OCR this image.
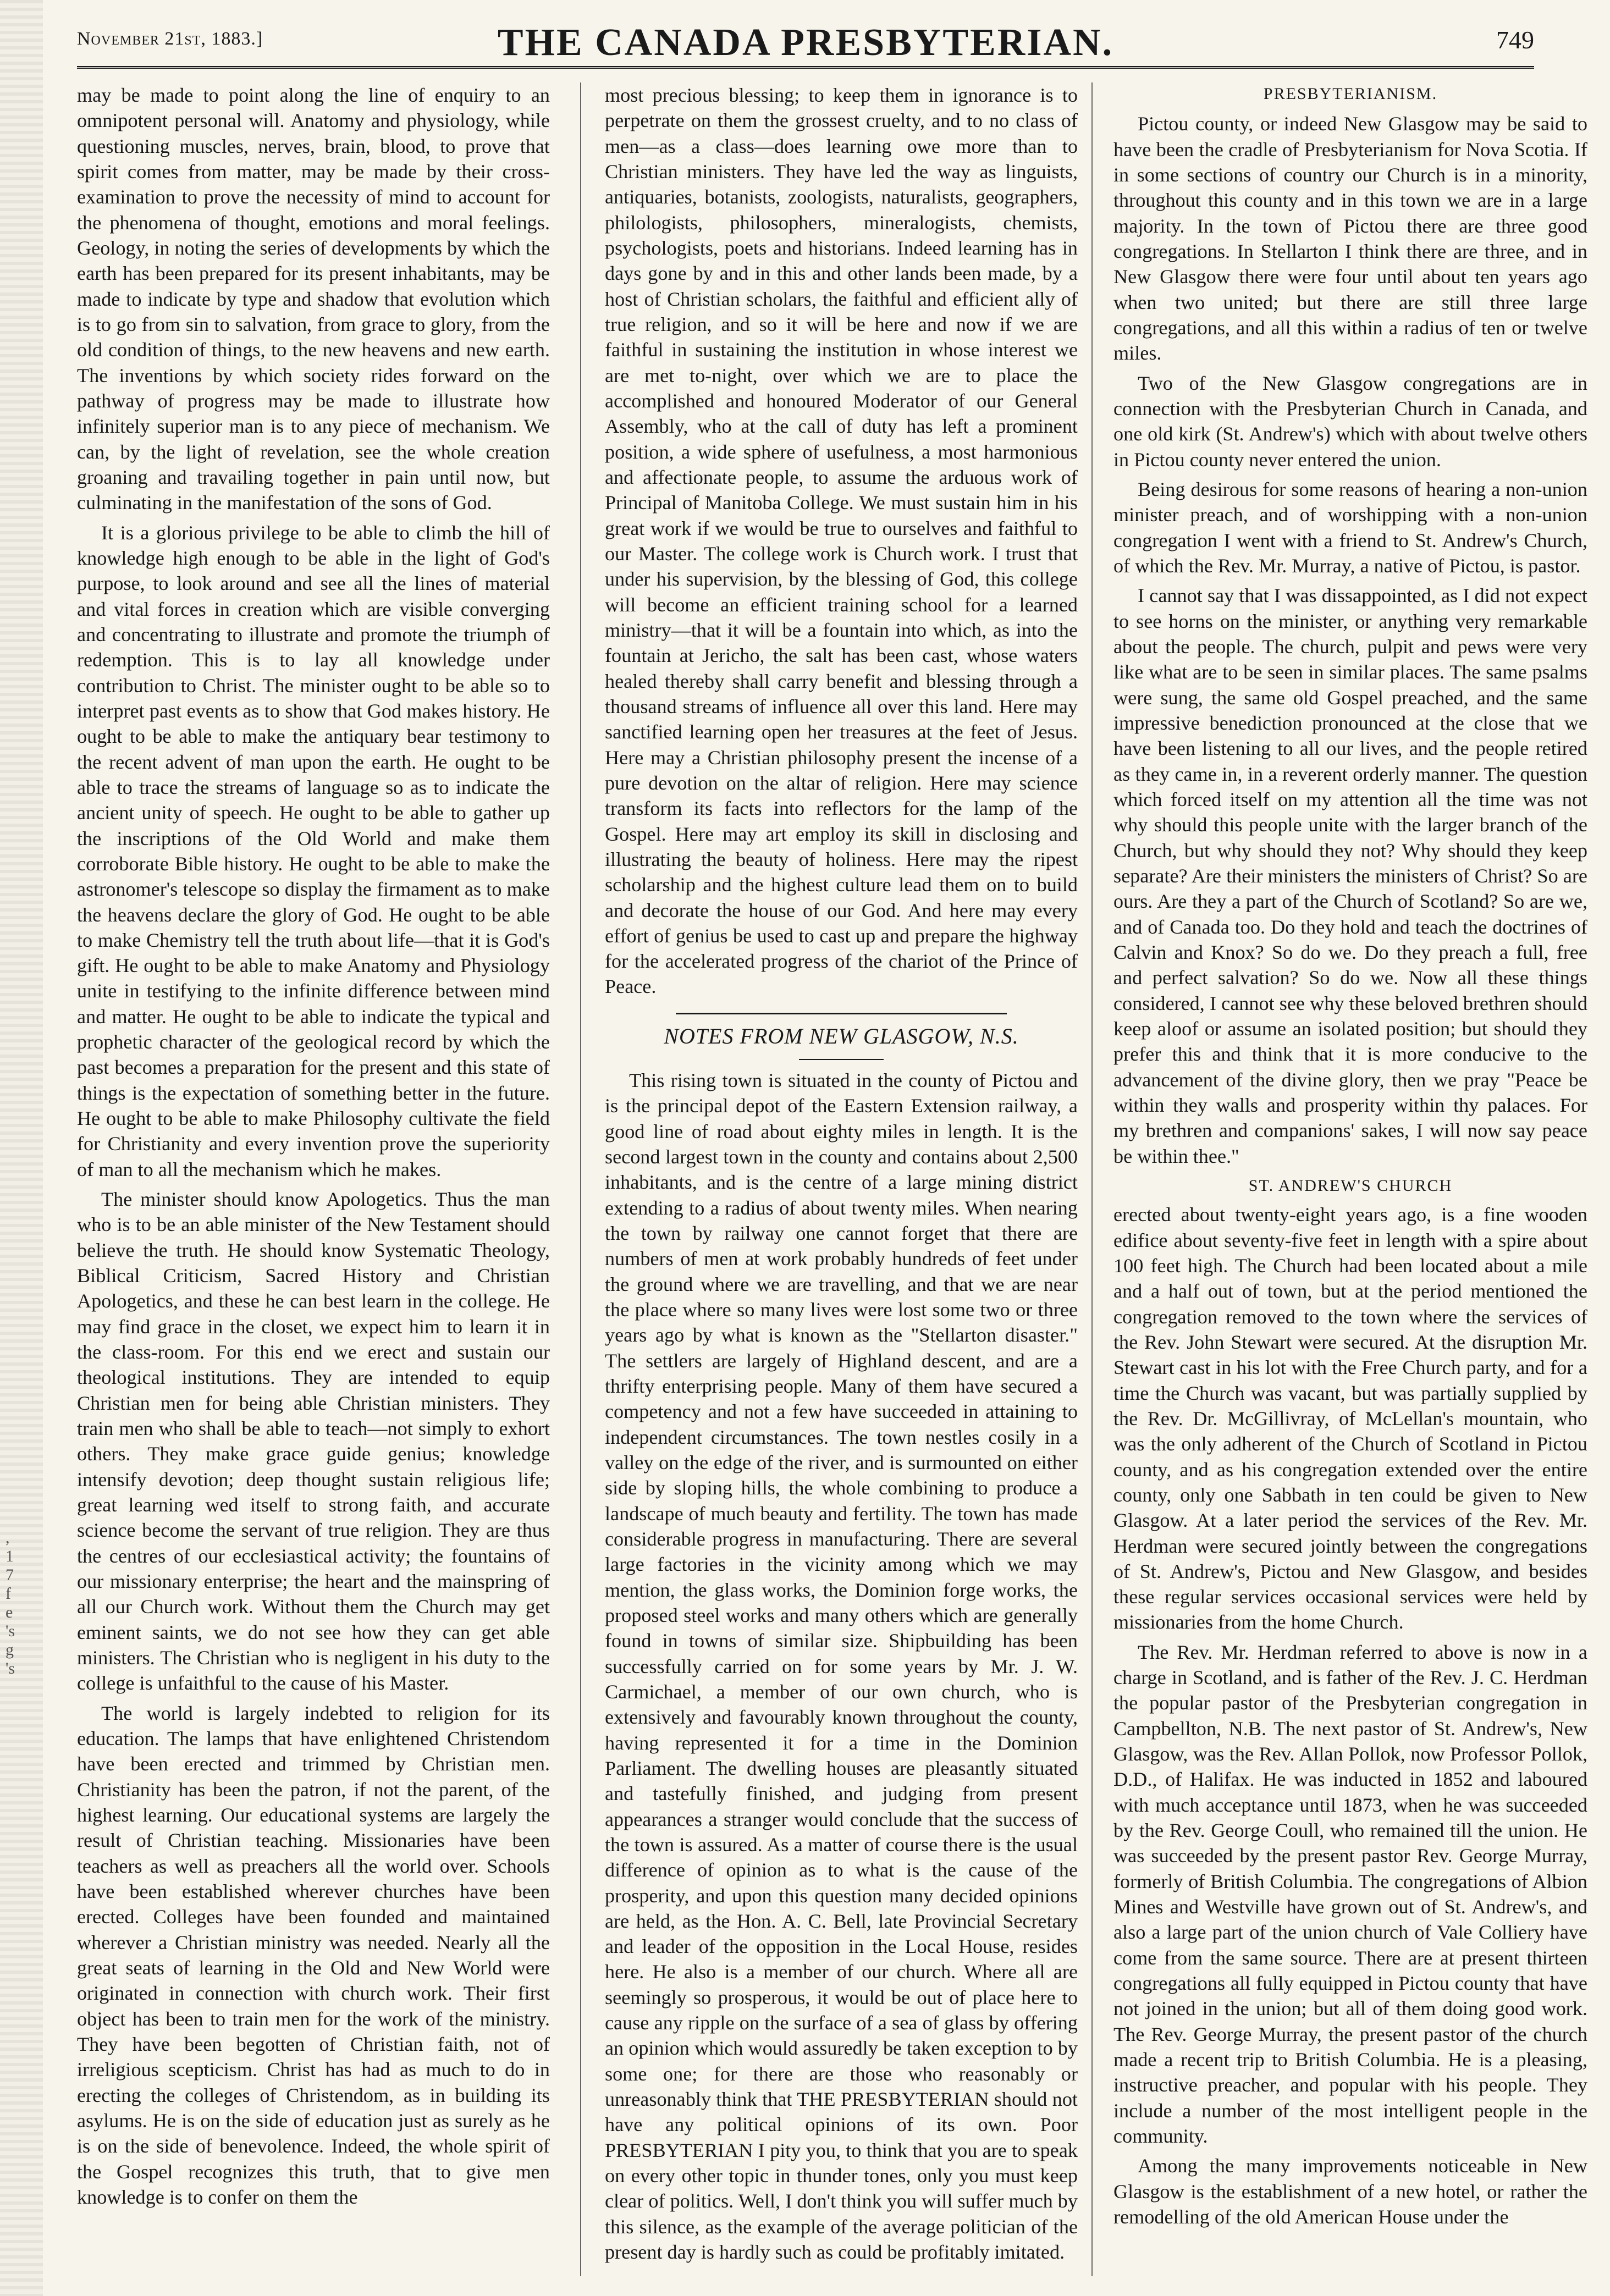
,
1
7
f
e
's
g
's
November 21st, 1883.]	THE CANADA PRESBYTERIAN.	749

may be made to point along the line of enquiry to an omnipotent personal will. Anatomy and physiology, while questioning muscles, nerves, brain, blood, to prove that spirit comes from matter, may be made by their cross-examination to prove the necessity of mind to account for the phenomena of thought, emotions and moral feelings. Geology, in noting the series of developments by which the earth has been prepared for its present inhabitants, may be made to indicate by type and shadow that evolution which is to go from sin to salvation, from grace to glory, from the old condition of things, to the new heavens and new earth. The inventions by which society rides forward on the pathway of progress may be made to illustrate how infinitely superior man is to any piece of mechanism. We can, by the light of revelation, see the whole creation groaning and travailing together in pain until now, but culminating in the manifestation of the sons of God.

It is a glorious privilege to be able to climb the hill of knowledge high enough to be able in the light of God's purpose, to look around and see all the lines of material and vital forces in creation which are visible converging and concentrating to illustrate and promote the triumph of redemption. This is to lay all knowledge under contribution to Christ. The minister ought to be able so to interpret past events as to show that God makes history. He ought to be able to make the antiquary bear testimony to the recent advent of man upon the earth. He ought to be able to trace the streams of language so as to indicate the ancient unity of speech. He ought to be able to gather up the inscriptions of the Old World and make them corroborate Bible history. He ought to be able to make the astronomer's telescope so display the firmament as to make the heavens declare the glory of God. He ought to be able to make Chemistry tell the truth about life—that it is God's gift. He ought to be able to make Anatomy and Physiology unite in testifying to the infinite difference between mind and matter. He ought to be able to indicate the typical and prophetic character of the geological record by which the past becomes a preparation for the present and this state of things is the expectation of something better in the future. He ought to be able to make Philosophy cultivate the field for Christianity and every invention prove the superiority of man to all the mechanism which he makes.

The minister should know Apologetics. Thus the man who is to be an able minister of the New Testament should believe the truth. He should know Systematic Theology, Biblical Criticism, Sacred History and Christian Apologetics, and these he can best learn in the college. He may find grace in the closet, we expect him to learn it in the class-room. For this end we erect and sustain our theological institutions. They are intended to equip Christian men for being able Christian ministers. They train men who shall be able to teach—not simply to exhort others. They make grace guide genius; knowledge intensify devotion; deep thought sustain religious life; great learning wed itself to strong faith, and accurate science become the servant of true religion. They are thus the centres of our ecclesiastical activity; the fountains of our missionary enterprise; the heart and the mainspring of all our Church work. Without them the Church may get eminent saints, we do not see how they can get able ministers. The Christian who is negligent in his duty to the college is unfaithful to the cause of his Master.

The world is largely indebted to religion for its education. The lamps that have enlightened Christendom have been erected and trimmed by Christian men. Christianity has been the patron, if not the parent, of the highest learning. Our educational systems are largely the result of Christian teaching. Missionaries have been teachers as well as preachers all the world over. Schools have been established wherever churches have been erected. Colleges have been founded and maintained wherever a Christian ministry was needed. Nearly all the great seats of learning in the Old and New World were originated in connection with church work. Their first object has been to train men for the work of the ministry. They have been begotten of Christian faith, not of irreligious scepticism. Christ has had as much to do in erecting the colleges of Christendom, as in building its asylums. He is on the side of education just as surely as he is on the side of benevolence. Indeed, the whole spirit of the Gospel recognizes this truth, that to give men knowledge is to confer on them the

most precious blessing; to keep them in ignorance is to perpetrate on them the grossest cruelty, and to no class of men—as a class—does learning owe more than to Christian ministers. They have led the way as linguists, antiquaries, botanists, zoologists, naturalists, geographers, philologists, philosophers, mineralogists, chemists, psychologists, poets and historians. Indeed learning has in days gone by and in this and other lands been made, by a host of Christian scholars, the faithful and efficient ally of true religion, and so it will be here and now if we are faithful in sustaining the institution in whose interest we are met to-night, over which we are to place the accomplished and honoured Moderator of our General Assembly, who at the call of duty has left a prominent position, a wide sphere of usefulness, a most harmonious and affectionate people, to assume the arduous work of Principal of Manitoba College. We must sustain him in his great work if we would be true to ourselves and faithful to our Master. The college work is Church work. I trust that under his supervision, by the blessing of God, this college will become an efficient training school for a learned ministry—that it will be a fountain into which, as into the fountain at Jericho, the salt has been cast, whose waters healed thereby shall carry benefit and blessing through a thousand streams of influence all over this land. Here may sanctified learning open her treasures at the feet of Jesus. Here may a Christian philosophy present the incense of a pure devotion on the altar of religion. Here may science transform its facts into reflectors for the lamp of the Gospel. Here may art employ its skill in disclosing and illustrating the beauty of holiness. Here may the ripest scholarship and the highest culture lead them on to build and decorate the house of our God. And here may every effort of genius be used to cast up and prepare the highway for the accelerated progress of the chariot of the Prince of Peace.

NOTES FROM NEW GLASGOW, N.S.

This rising town is situated in the county of Pictou and is the principal depot of the Eastern Extension railway, a good line of road about eighty miles in length. It is the second largest town in the county and contains about 2,500 inhabitants, and is the centre of a large mining district extending to a radius of about twenty miles. When nearing the town by railway one cannot forget that there are numbers of men at work probably hundreds of feet under the ground where we are travelling, and that we are near the place where so many lives were lost some two or three years ago by what is known as the "Stellarton disaster." The settlers are largely of Highland descent, and are a thrifty enterprising people. Many of them have secured a competency and not a few have succeeded in attaining to independent circumstances. The town nestles cosily in a valley on the edge of the river, and is surmounted on either side by sloping hills, the whole combining to produce a landscape of much beauty and fertility. The town has made considerable progress in manufacturing. There are several large factories in the vicinity among which we may mention, the glass works, the Dominion forge works, the proposed steel works and many others which are generally found in towns of similar size. Shipbuilding has been successfully carried on for some years by Mr. J. W. Carmichael, a member of our own church, who is extensively and favourably known throughout the county, having represented it for a time in the Dominion Parliament. The dwelling houses are pleasantly situated and tastefully finished, and judging from present appearances a stranger would conclude that the success of the town is assured. As a matter of course there is the usual difference of opinion as to what is the cause of the prosperity, and upon this question many decided opinions are held, as the Hon. A. C. Bell, late Provincial Secretary and leader of the opposition in the Local House, resides here. He also is a member of our church. Where all are seemingly so prosperous, it would be out of place here to cause any ripple on the surface of a sea of glass by offering an opinion which would assuredly be taken exception to by some one; for there are those who reasonably or unreasonably think that THE PRESBYTERIAN should not have any political opinions of its own. Poor PRESBYTERIAN I pity you, to think that you are to speak on every other topic in thunder tones, only you must keep clear of politics. Well, I don't think you will suffer much by this silence, as the example of the average politician of the present day is hardly such as could be profitably imitated.

PRESBYTERIANISM.

Pictou county, or indeed New Glasgow may be said to have been the cradle of Presbyterianism for Nova Scotia. If in some sections of country our Church is in a minority, throughout this county and in this town we are in a large majority. In the town of Pictou there are three good congregations. In Stellarton I think there are three, and in New Glasgow there were four until about ten years ago when two united; but there are still three large congregations, and all this within a radius of ten or twelve miles.

Two of the New Glasgow congregations are in connection with the Presbyterian Church in Canada, and one old kirk (St. Andrew's) which with about twelve others in Pictou county never entered the union.

Being desirous for some reasons of hearing a non-union minister preach, and of worshipping with a non-union congregation I went with a friend to St. Andrew's Church, of which the Rev. Mr. Murray, a native of Pictou, is pastor.

I cannot say that I was dissappointed, as I did not expect to see horns on the minister, or anything very remarkable about the people. The church, pulpit and pews were very like what are to be seen in similar places. The same psalms were sung, the same old Gospel preached, and the same impressive benediction pronounced at the close that we have been listening to all our lives, and the people retired as they came in, in a reverent orderly manner. The question which forced itself on my attention all the time was not why should this people unite with the larger branch of the Church, but why should they not? Why should they keep separate? Are their ministers the ministers of Christ? So are ours. Are they a part of the Church of Scotland? So are we, and of Canada too. Do they hold and teach the doctrines of Calvin and Knox? So do we. Do they preach a full, free and perfect salvation? So do we. Now all these things considered, I cannot see why these beloved brethren should keep aloof or assume an isolated position; but should they prefer this and think that it is more conducive to the advancement of the divine glory, then we pray "Peace be within they walls and prosperity within thy palaces. For my brethren and companions' sakes, I will now say peace be within thee."

ST. ANDREW'S CHURCH

erected about twenty-eight years ago, is a fine wooden edifice about seventy-five feet in length with a spire about 100 feet high. The Church had been located about a mile and a half out of town, but at the period mentioned the congregation removed to the town where the services of the Rev. John Stewart were secured. At the disruption Mr. Stewart cast in his lot with the Free Church party, and for a time the Church was vacant, but was partially supplied by the Rev. Dr. McGillivray, of McLellan's mountain, who was the only adherent of the Church of Scotland in Pictou county, and as his congregation extended over the entire county, only one Sabbath in ten could be given to New Glasgow. At a later period the services of the Rev. Mr. Herdman were secured jointly between the congregations of St. Andrew's, Pictou and New Glasgow, and besides these regular services occasional services were held by missionaries from the home Church.

The Rev. Mr. Herdman referred to above is now in a charge in Scotland, and is father of the Rev. J. C. Herdman the popular pastor of the Presbyterian congregation in Campbellton, N.B. The next pastor of St. Andrew's, New Glasgow, was the Rev. Allan Pollok, now Professor Pollok, D.D., of Halifax. He was inducted in 1852 and laboured with much acceptance until 1873, when he was succeeded by the Rev. George Coull, who remained till the union. He was succeeded by the present pastor Rev. George Murray, formerly of British Columbia. The congregations of Albion Mines and Westville have grown out of St. Andrew's, and also a large part of the union church of Vale Colliery have come from the same source. There are at present thirteen congregations all fully equipped in Pictou county that have not joined in the union; but all of them doing good work. The Rev. George Murray, the present pastor of the church made a recent trip to British Columbia. He is a pleasing, instructive preacher, and popular with his people. They include a number of the most intelligent people in the community.

Among the many improvements noticeable in New Glasgow is the establishment of a new hotel, or rather the remodelling of the old American House under the
